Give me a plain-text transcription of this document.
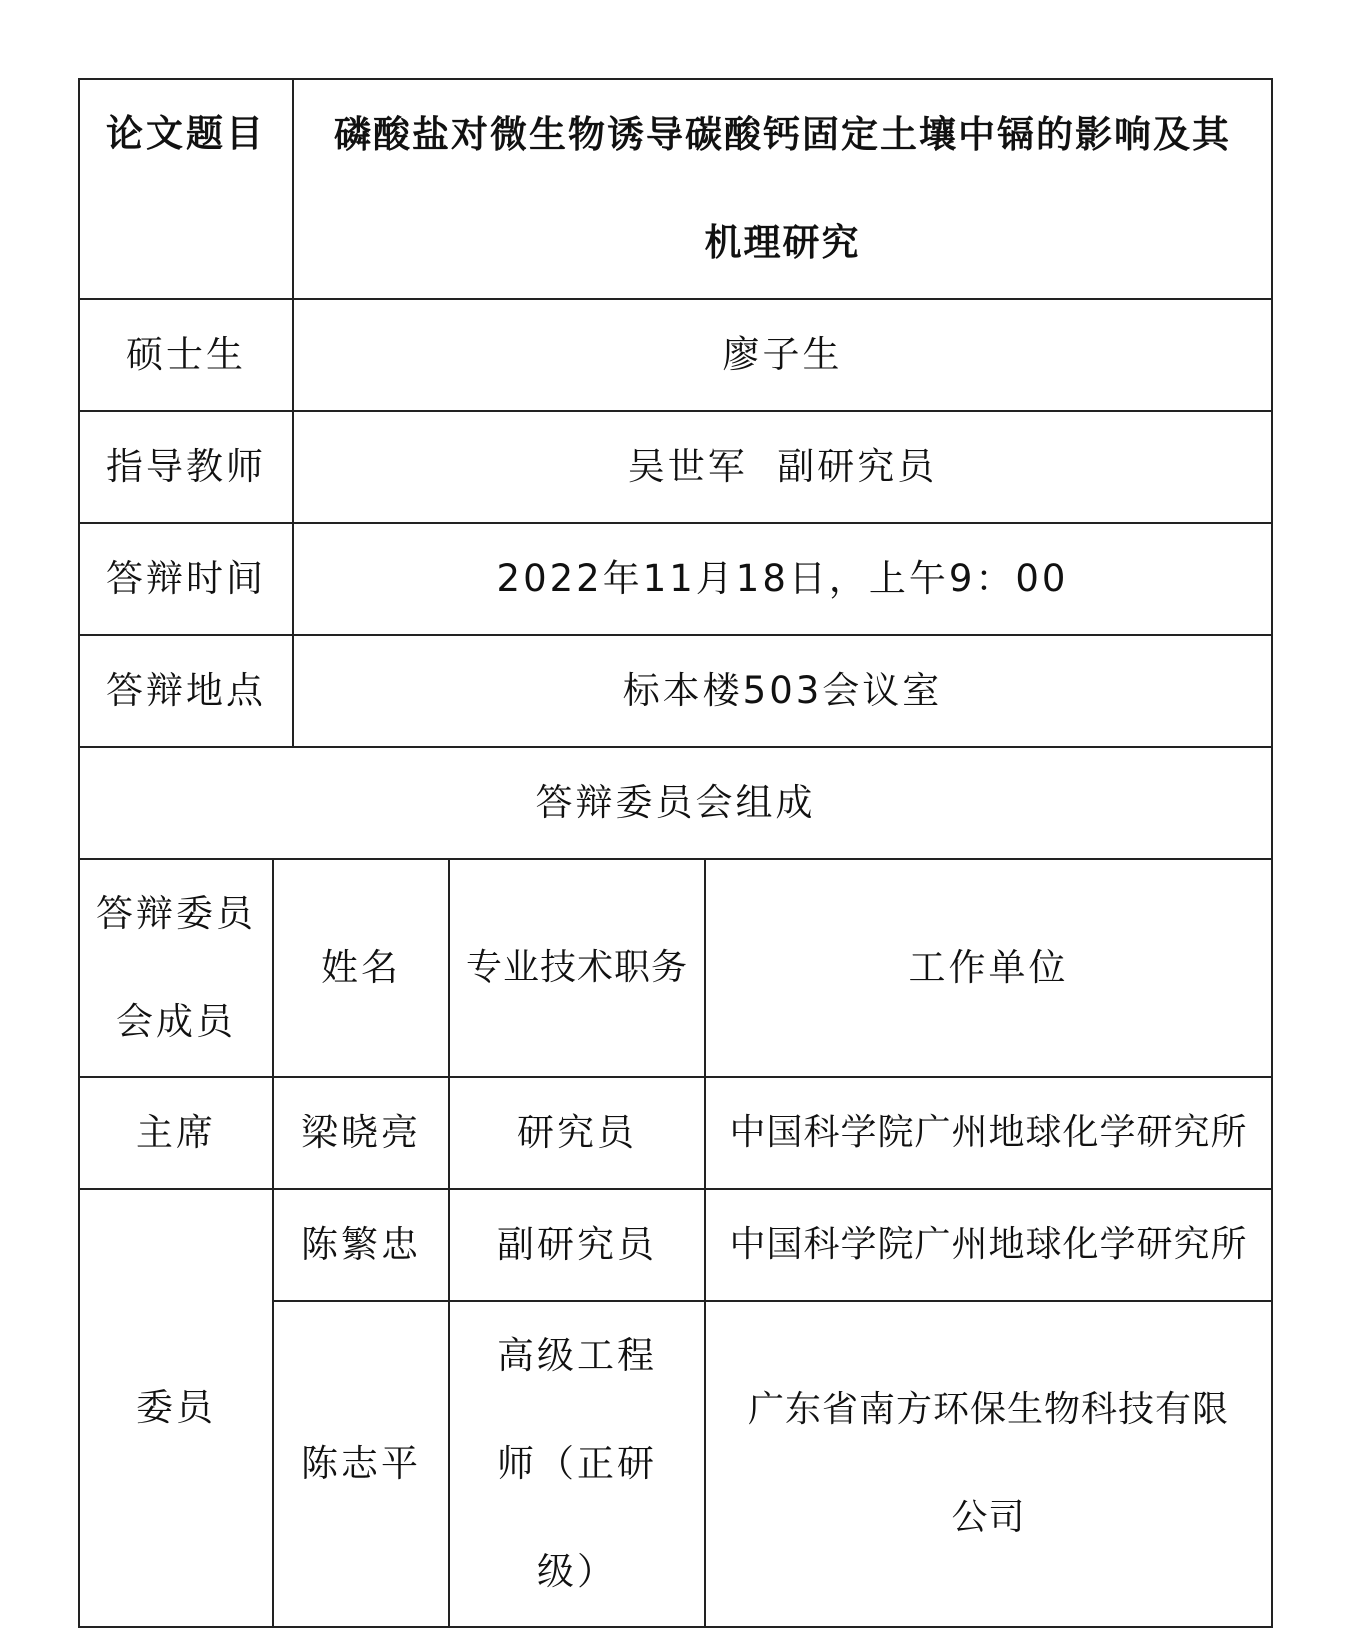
论文题目		磷酸盐对微生物诱导碳酸钙固定土壤中镉的影响及其机理研究		
硕士生		廖子生		
指导教师		吴世军  副研究员		
答辩时间		2022年11月18日，上午9：00		
答辩地点		标本楼503会议室		
答辩委员会组成				
答辩委员会成员	姓名		专业技术职务	工作单位
主席	梁晓亮		研究员	中国科学院广州地球化学研究所
委员	陈繁忠		副研究员	中国科学院广州地球化学研究所
	陈志平		高级工程师（正研级）	广东省南方环保生物科技有限公司
